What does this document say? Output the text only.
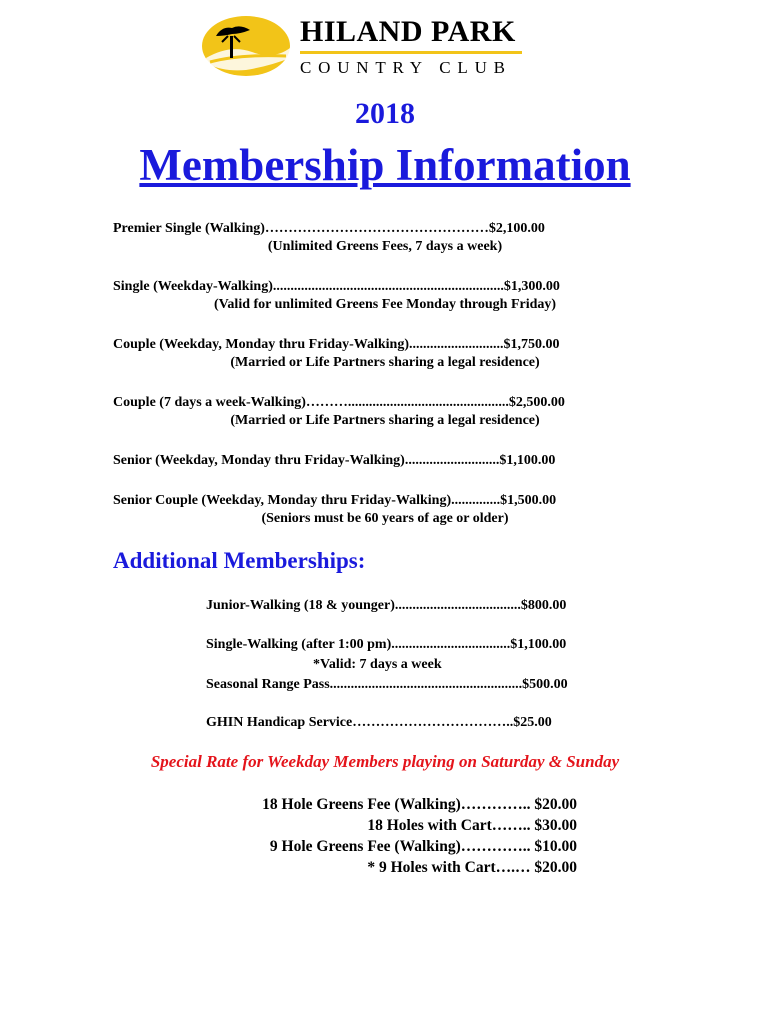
HILAND PARK
COUNTRY CLUB
2018
Membership Information
Premier Single (Walking)…………………………………………$2,100.00
(Unlimited Greens Fees, 7 days a week)
Single (Weekday-Walking)..................................................................$1,300.00
(Valid for unlimited Greens Fee Monday through Friday)
Couple (Weekday, Monday thru Friday-Walking)...........................$1,750.00
(Married or Life Partners sharing a legal residence)
Couple (7 days a week-Walking)………..............................................$2,500.00
(Married or Life Partners sharing a legal residence)
Senior (Weekday, Monday thru Friday-Walking)...........................$1,100.00
Senior Couple (Weekday, Monday thru Friday-Walking)..............$1,500.00
(Seniors must be 60 years of age or older)
Additional Memberships:
Junior-Walking (18 & younger)....................................$800.00
Single-Walking (after 1:00 pm)..................................$1,100.00
*Valid: 7 days a week
Seasonal Range Pass.......................................................$500.00
GHIN Handicap Service……………………………..$25.00
Special Rate for Weekday Members playing on Saturday & Sunday
18 Hole Greens Fee (Walking)………….. $20.00
18 Holes with Cart…….. $30.00
9 Hole Greens Fee (Walking)………….. $10.00
* 9 Holes with Cart….… $20.00
